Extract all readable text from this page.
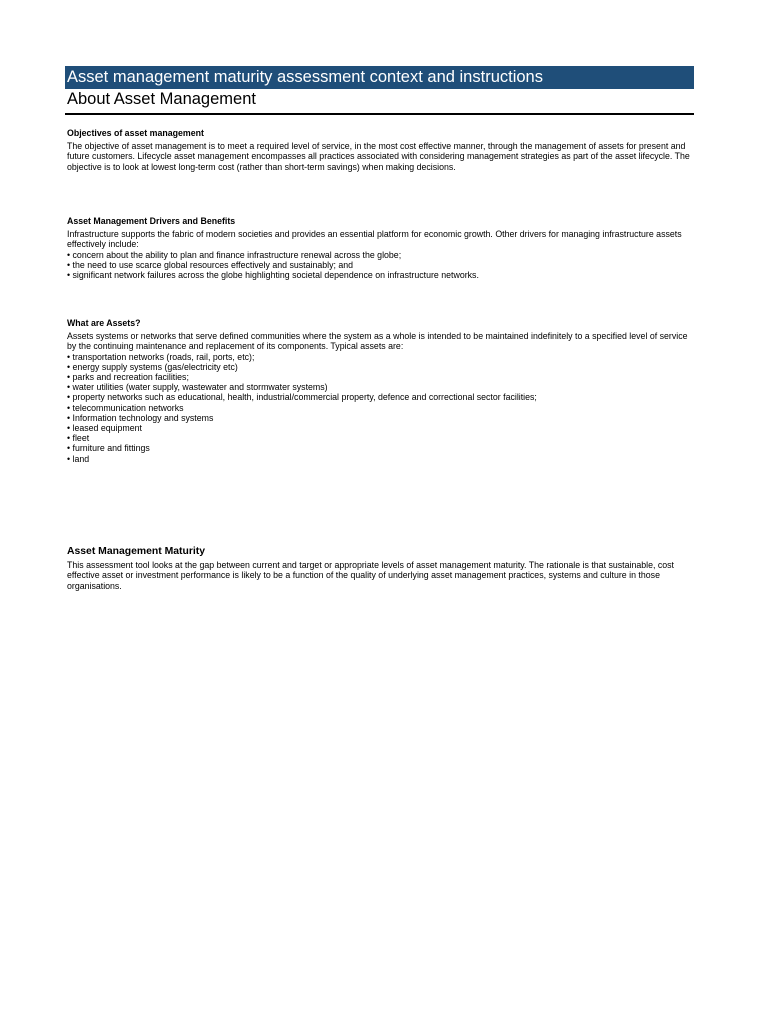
Asset management maturity assessment context and instructions
About Asset Management
Objectives of asset management

The objective of asset management is to meet a required level of service, in the most cost effective manner, through the management of assets for present and future customers. Lifecycle asset management encompasses all practices associated with considering management strategies as part of the asset lifecycle. The objective is to look at lowest long-term cost (rather than short-term savings) when making decisions.

Asset Management Drivers and Benefits

Infrastructure supports the fabric of modern societies and provides an essential platform for economic growth. Other drivers for managing infrastructure assets effectively include:

• concern about the ability to plan and finance infrastructure renewal across the globe;
• the need to use scarce global resources effectively and sustainably; and
• significant network failures across the globe highlighting societal dependence on infrastructure networks.
What are Assets?

Assets systems or networks that serve defined communities where the system as a whole is intended to be maintained indefinitely to a specified level of service by the continuing maintenance and replacement of its components. Typical assets are:

• transportation networks (roads, rail, ports, etc);
• energy supply systems (gas/electricity etc)
• parks and recreation facilities;
• water utilities (water supply, wastewater and stormwater systems)
• property networks such as educational, health, industrial/commercial property, defence and correctional sector facilities;
• telecommunication networks
• Information technology and systems
• leased equipment
• fleet
• furniture and fittings
• land
Asset Management Maturity

This assessment tool looks at the gap between current and target or appropriate levels of asset management maturity. The rationale is that sustainable, cost effective asset or investment performance is likely to be a function of the quality of underlying asset management practices, systems and culture in those organisations.
